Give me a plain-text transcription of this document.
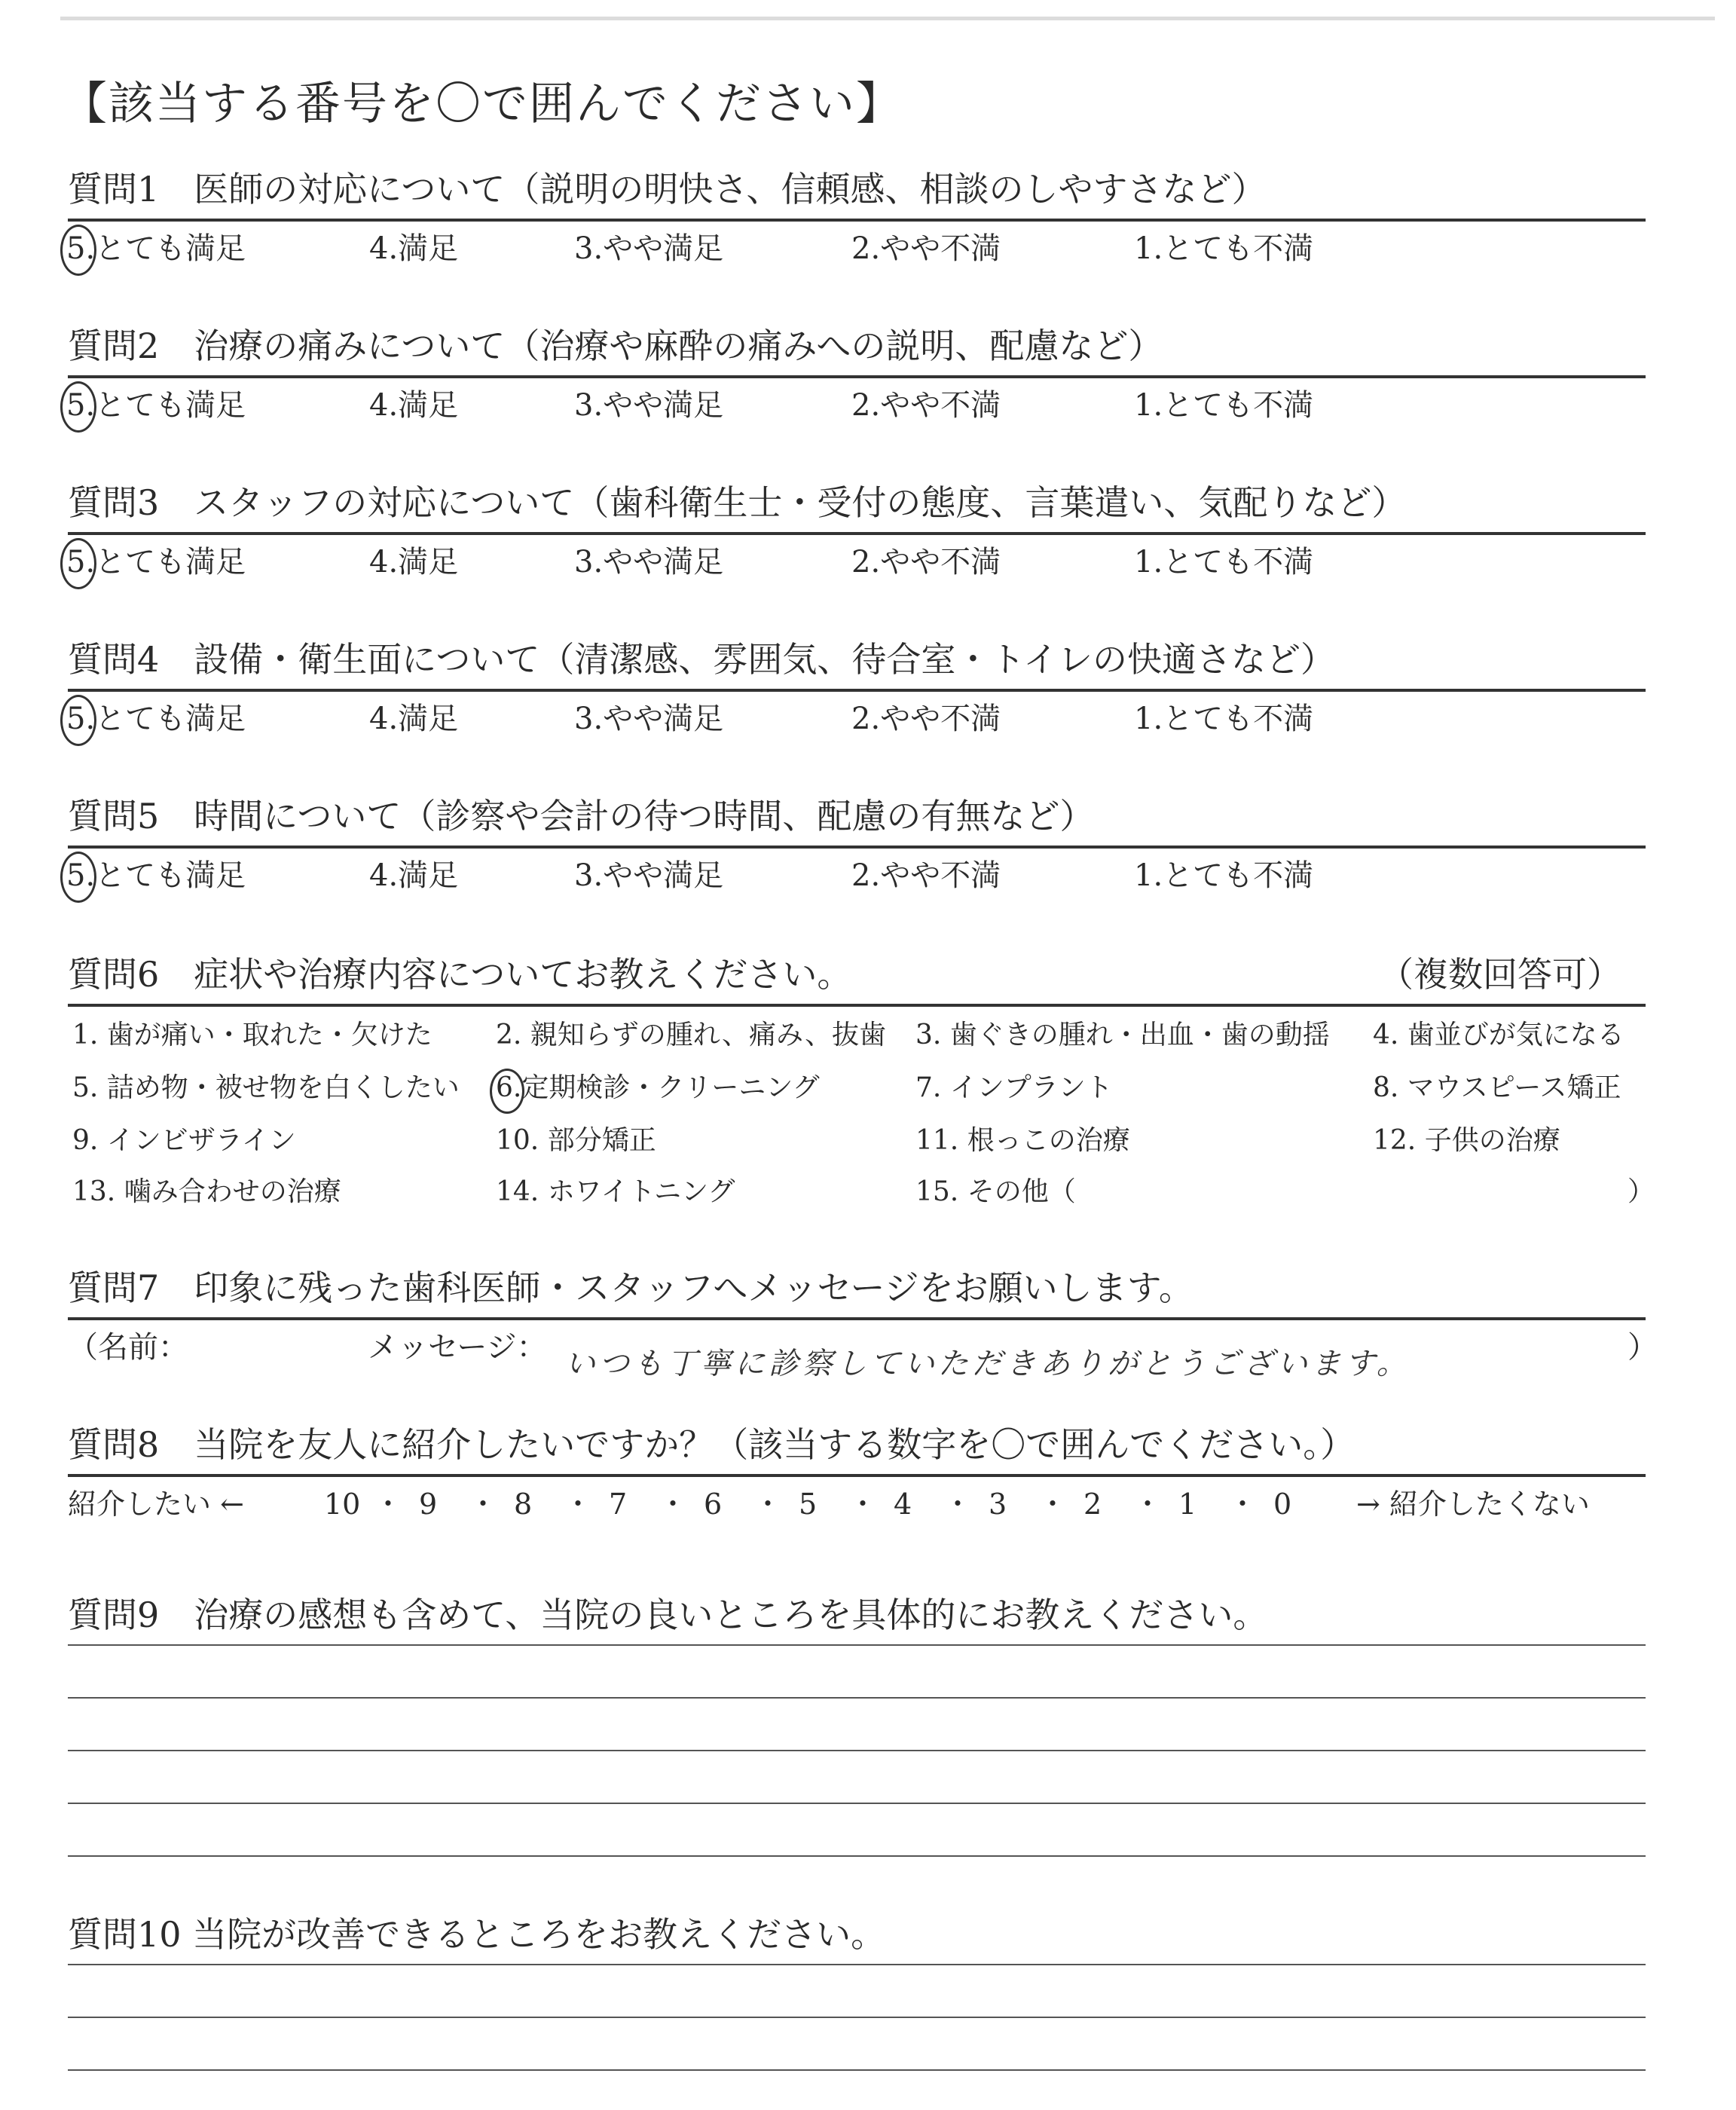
【該当する番号を〇で囲んでください】
質問1　医師の対応について（説明の明快さ、信頼感、相談のしやすさなど）
5.とても満足	4.満足	3.やや満足	2.やや不満	1.とても不満
質問2　治療の痛みについて（治療や麻酔の痛みへの説明、配慮など）
5.とても満足	4.満足	3.やや満足	2.やや不満	1.とても不満
質問3　スタッフの対応について（歯科衛生士・受付の態度、言葉遣い、気配りなど）
5.とても満足	4.満足	3.やや満足	2.やや不満	1.とても不満
質問4　設備・衛生面について（清潔感、雰囲気、待合室・トイレの快適さなど）
5.とても満足	4.満足	3.やや満足	2.やや不満	1.とても不満
質問5　時間について（診察や会計の待つ時間、配慮の有無など）
5.とても満足	4.満足	3.やや満足	2.やや不満	1.とても不満
質問6　症状や治療内容についてお教えください。	（複数回答可）
1. 歯が痛い・取れた・欠けた 2. 親知らずの腫れ、痛み、抜歯 3. 歯ぐきの腫れ・出血・歯の動揺 4. 歯並びが気になる
5. 詰め物・被せ物を白くしたい 6.定期検診・クリーニング	7. インプラント	8. マウスピース矯正
9. インビザライン	10. 部分矯正	11. 根っこの治療	12. 子供の治療
13. 噛み合わせの治療	14. ホワイトニング	15. その他（	）
質問7　印象に残った歯科医師・スタッフへメッセージをお願いします。
（名前：	メッセージ： いつも丁寧に診察していただきありがとうございます。	）
質問8　当院を友人に紹介したいですか？（該当する数字を〇で囲んでください。）
紹介したい ←	10 ・ 9 ・ 8 ・ 7 ・ 6 ・ 5 ・ 4 ・ 3 ・ 2 ・ 1 ・ 0 → 紹介したくない
質問9　治療の感想も含めて、当院の良いところを具体的にお教えください。
質問10 当院が改善できるところをお教えください。
